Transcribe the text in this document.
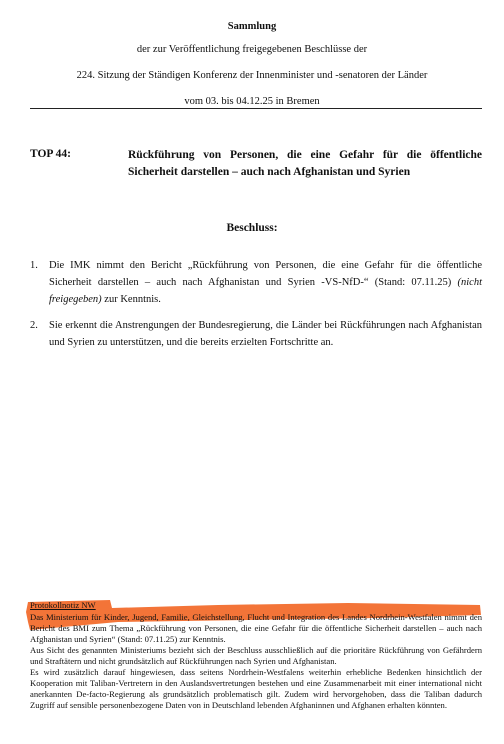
Sammlung
der zur Veröffentlichung freigegebenen Beschlüsse der
224. Sitzung der Ständigen Konferenz der Innenminister und -senatoren der Länder
vom 03. bis 04.12.25 in Bremen
TOP 44:	Rückführung von Personen, die eine Gefahr für die öffentliche Sicherheit darstellen – auch nach Afghanistan und Syrien
Beschluss:
1. Die IMK nimmt den Bericht „Rückführung von Personen, die eine Gefahr für die öffentliche Sicherheit darstellen – auch nach Afghanistan und Syrien -VS-NfD-“ (Stand: 07.11.25) (nicht freigegeben) zur Kenntnis.
2. Sie erkennt die Anstrengungen der Bundesregierung, die Länder bei Rückführungen nach Afghanistan und Syrien zu unterstützen, und die bereits erzielten Fortschritte an.
Protokollnotiz NW

Das Ministerium für Kinder, Jugend, Familie, Gleichstellung, Flucht und Integration des Landes Nordrhein-Westfalen nimmt den Bericht des BMI zum Thema „Rückführung von Personen, die eine Gefahr für die öffentliche Sicherheit darstellen – auch nach Afghanistan und Syrien“ (Stand: 07.11.25) zur Kenntnis.

Aus Sicht des genannten Ministeriums bezieht sich der Beschluss ausschließlich auf die prioritäre Rückführung von Gefährdern und Straftätern und nicht grundsätzlich auf Rückführungen nach Syrien und Afghanistan.

Es wird zusätzlich darauf hingewiesen, dass seitens Nordrhein-Westfalens weiterhin erhebliche Bedenken hinsichtlich der Kooperation mit Taliban-Vertretern in den Auslandsvertretungen bestehen und eine Zusammenarbeit mit einer international nicht anerkannten De-facto-Regierung als grundsätzlich problematisch gilt. Zudem wird hervorgehoben, dass die Taliban dadurch Zugriff auf sensible personenbezogene Daten von in Deutschland lebenden Afghaninnen und Afghanen erhalten könnten.
